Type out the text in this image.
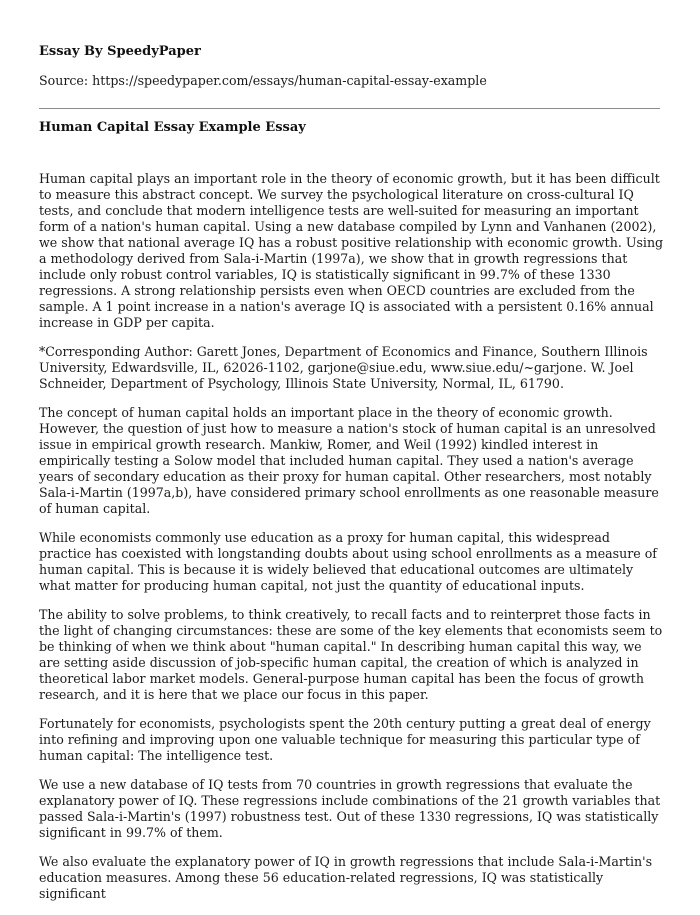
Essay By SpeedyPaper
Source: https://speedypaper.com/essays/human-capital-essay-example
Human Capital Essay Example Essay

Human capital plays an important role in the theory of economic growth, but it has been difficult to measure this abstract concept. We survey the psychological literature on cross-cultural IQ tests, and conclude that modern intelligence tests are well-suited for measuring an important form of a nation's human capital. Using a new database compiled by Lynn and Vanhanen (2002), we show that national average IQ has a robust positive relationship with economic growth. Using a methodology derived from Sala-i-Martin (1997a), we show that in growth regressions that include only robust control variables, IQ is statistically significant in 99.7% of these 1330 regressions. A strong relationship persists even when OECD countries are excluded from the sample. A 1 point increase in a nation's average IQ is associated with a persistent 0.16% annual increase in GDP per capita.

*Corresponding Author: Garett Jones, Department of Economics and Finance, Southern Illinois University, Edwardsville, IL, 62026-1102, garjone@siue.edu, www.siue.edu/~garjone. W. Joel Schneider, Department of Psychology, Illinois State University, Normal, IL, 61790.

The concept of human capital holds an important place in the theory of economic growth. However, the question of just how to measure a nation's stock of human capital is an unresolved issue in empirical growth research. Mankiw, Romer, and Weil (1992) kindled interest in empirically testing a Solow model that included human capital. They used a nation's average years of secondary education as their proxy for human capital. Other researchers, most notably Sala-i-Martin (1997a,b), have considered primary school enrollments as one reasonable measure of human capital.

While economists commonly use education as a proxy for human capital, this widespread practice has coexisted with longstanding doubts about using school enrollments as a measure of human capital. This is because it is widely believed that educational outcomes are ultimately what matter for producing human capital, not just the quantity of educational inputs.

The ability to solve problems, to think creatively, to recall facts and to reinterpret those facts in the light of changing circumstances: these are some of the key elements that economists seem to be thinking of when we think about "human capital." In describing human capital this way, we are setting aside discussion of job-specific human capital, the creation of which is analyzed in theoretical labor market models. General-purpose human capital has been the focus of growth research, and it is here that we place our focus in this paper.

Fortunately for economists, psychologists spent the 20th century putting a great deal of energy into refining and improving upon one valuable technique for measuring this particular type of human capital: The intelligence test.

We use a new database of IQ tests from 70 countries in growth regressions that evaluate the explanatory power of IQ. These regressions include combinations of the 21 growth variables that passed Sala-i-Martin's (1997) robustness test. Out of these 1330 regressions, IQ was statistically significant in 99.7% of them.

We also evaluate the explanatory power of IQ in growth regressions that include Sala-i-Martin's education measures. Among these 56 education-related regressions, IQ was statistically significant
